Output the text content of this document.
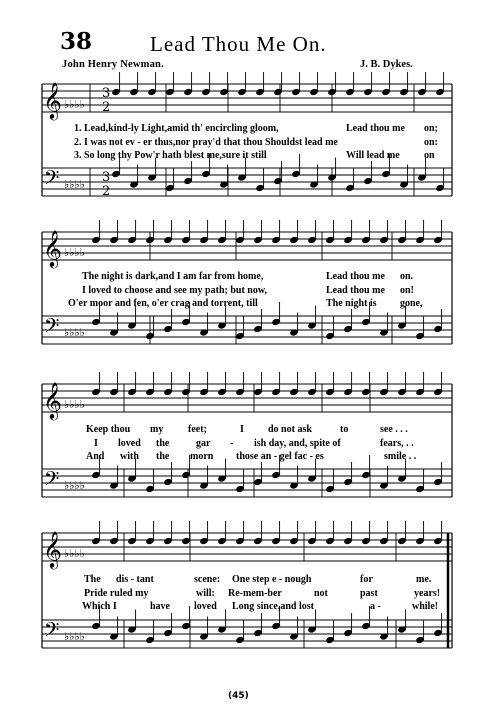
38	Lead Thou Me On.
John Henry Newman.	J. B. Dykes.
𝄞
𝄢
♭♭♭♭
♭♭♭♭
3
2
3
2
𝄞
𝄢
♭♭♭♭
♭♭♭♭
𝄞
𝄢
♭♭♭♭
♭♭♭♭
𝄞
𝄢
♭♭♭♭
♭♭♭♭
1. Lead,kind-ly Light,amid th' encircling gloom,	Lead thou me on;
2. I was not ev - er thus,nor pray'd that thou Shouldst lead me	on:
3. So long thy Pow'r hath blest me,sure it still	Will lead me on
The night is dark,and I am far from home,	Lead thou me on.
I loved to choose and see my path; but now,	Lead thou me on!
O'er moor and fen, o'er crag and torrent, till	The night is gone,
Keep thou my feet;	I do not ask	to	see . . .
I loved the	gar - ish day, and, spite of	fears, . .
And with the morn those an - gel fac - es	smile . .
The dis - tant	scene: One step e - nough	for	me.
Pride ruled my	will: Re-mem-ber	not	past	years!
Which I	have loved Long since,and lost	a -	while!
(45)
